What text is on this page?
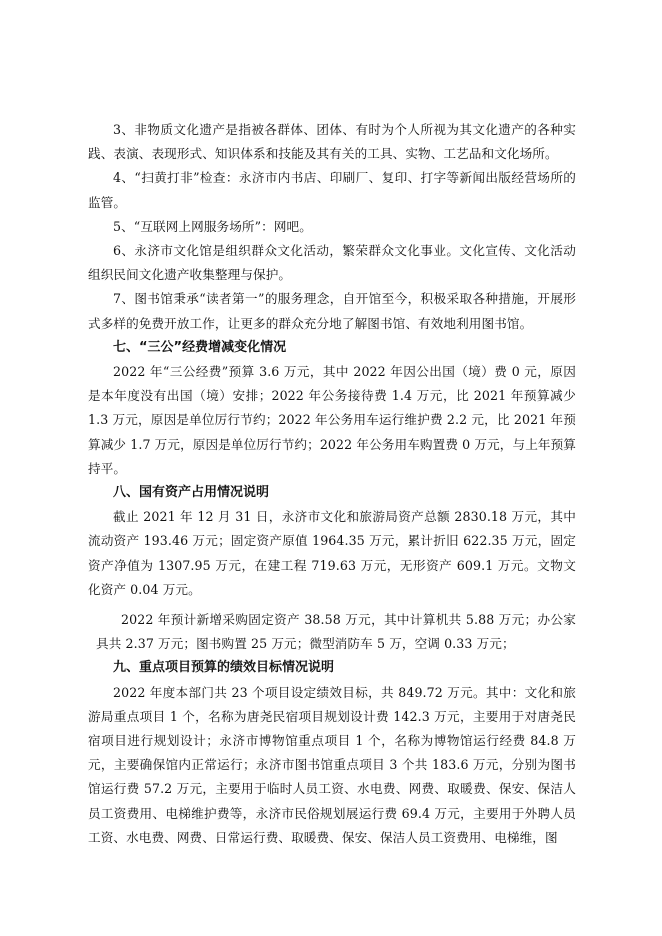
3、非物质文化遗产是指被各群体、团体、有时为个人所视为其文化遗产的各种实践、表演、表现形式、知识体系和技能及其有关的工具、实物、工艺品和文化场所。

4、“扫黄打非”检查：永济市内书店、印刷厂、复印、打字等新闻出版经营场所的监管。

5、“互联网上网服务场所”：网吧。

6、永济市文化馆是组织群众文化活动，繁荣群众文化事业。文化宣传、文化活动组织民间文化遗产收集整理与保护。

7、图书馆秉承“读者第一”的服务理念，自开馆至今，积极采取各种措施，开展形式多样的免费开放工作，让更多的群众充分地了解图书馆、有效地利用图书馆。

七、“三公”经费增减变化情况

2022 年“三公经费”预算 3.6 万元，其中 2022 年因公出国（境）费 0 元，原因是本年度没有出国（境）安排；2022 年公务接待费 1.4 万元，比 2021 年预算减少 1.3 万元，原因是单位厉行节约；2022 年公务用车运行维护费 2.2 元，比 2021 年预算减少 1.7 万元，原因是单位厉行节约；2022 年公务用车购置费 0 万元，与上年预算持平。

八、国有资产占用情况说明

截止 2021 年 12 月 31 日，永济市文化和旅游局资产总额 2830.18 万元，其中流动资产 193.46 万元；固定资产原值 1964.35 万元，累计折旧 622.35 万元，固定资产净值为 1307.95 万元，在建工程 719.63 万元，无形资产 609.1 万元。文物文化资产 0.04 万元。

2022 年预计新增采购固定资产 38.58 万元，其中计算机共 5.88 万元；办公家具共 2.37 万元；图书购置 25 万元；微型消防车 5 万，空调 0.33 万元；

九、重点项目预算的绩效目标情况说明

2022 年度本部门共 23 个项目设定绩效目标，共 849.72 万元。其中：文化和旅游局重点项目 1 个，名称为唐尧民宿项目规划设计费 142.3 万元，主要用于对唐尧民宿项目进行规划设计；永济市博物馆重点项目 1 个，名称为博物馆运行经费 84.8 万元，主要确保馆内正常运行；永济市图书馆重点项目 3 个共 183.6 万元，分别为图书馆运行费 57.2 万元，主要用于临时人员工资、水电费、网费、取暖费、保安、保洁人员工资费用、电梯维护费等，永济市民俗规划展运行费 69.4 万元，主要用于外聘人员工资、水电费、网费、日常运行费、取暖费、保安、保洁人员工资费用、电梯维，图
